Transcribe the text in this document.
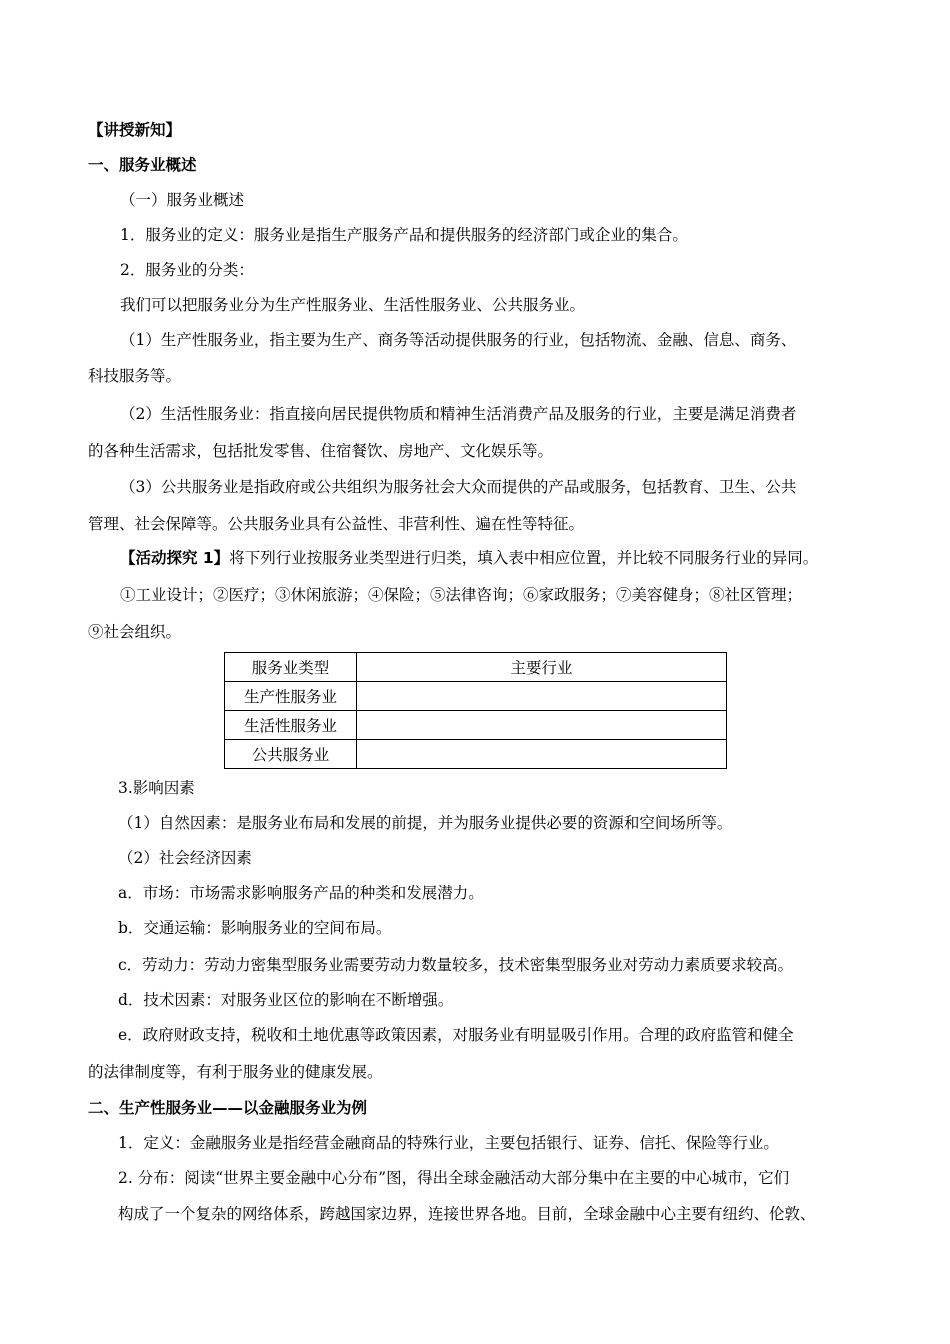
【讲授新知】
一、服务业概述
（一）服务业概述
1．服务业的定义：服务业是指生产服务产品和提供服务的经济部门或企业的集合。
2．服务业的分类：
我们可以把服务业分为生产性服务业、生活性服务业、公共服务业。
（1）生产性服务业，指主要为生产、商务等活动提供服务的行业，包括物流、金融、信息、商务、
科技服务等。
（2）生活性服务业：指直接向居民提供物质和精神生活消费产品及服务的行业，主要是满足消费者
的各种生活需求，包括批发零售、住宿餐饮、房地产、文化娱乐等。
（3）公共服务业是指政府或公共组织为服务社会大众而提供的产品或服务，包括教育、卫生、公共
管理、社会保障等。公共服务业具有公益性、非营利性、遍在性等特征。
【活动探究 1】将下列行业按服务业类型进行归类，填入表中相应位置，并比较不同服务行业的异同。
①工业设计；②医疗；③休闲旅游；④保险；⑤法律咨询；⑥家政服务；⑦美容健身；⑧社区管理；
⑨社会组织。
服务业类型	主要行业
生产性服务业	
生活性服务业	
公共服务业	
3.影响因素
（1）自然因素：是服务业布局和发展的前提，并为服务业提供必要的资源和空间场所等。
（2）社会经济因素
a．市场：市场需求影响服务产品的种类和发展潜力。
b．交通运输：影响服务业的空间布局。
c．劳动力：劳动力密集型服务业需要劳动力数量较多，技术密集型服务业对劳动力素质要求较高。
d．技术因素：对服务业区位的影响在不断增强。
e．政府财政支持，税收和土地优惠等政策因素，对服务业有明显吸引作用。合理的政府监管和健全
的法律制度等，有利于服务业的健康发展。
二、生产性服务业——以金融服务业为例
1．定义：金融服务业是指经营金融商品的特殊行业，主要包括银行、证券、信托、保险等行业。
2. 分布：阅读“世界主要金融中心分布”图，得出全球金融活动大部分集中在主要的中心城市，它们
构成了一个复杂的网络体系，跨越国家边界，连接世界各地。目前，全球金融中心主要有纽约、伦敦、
